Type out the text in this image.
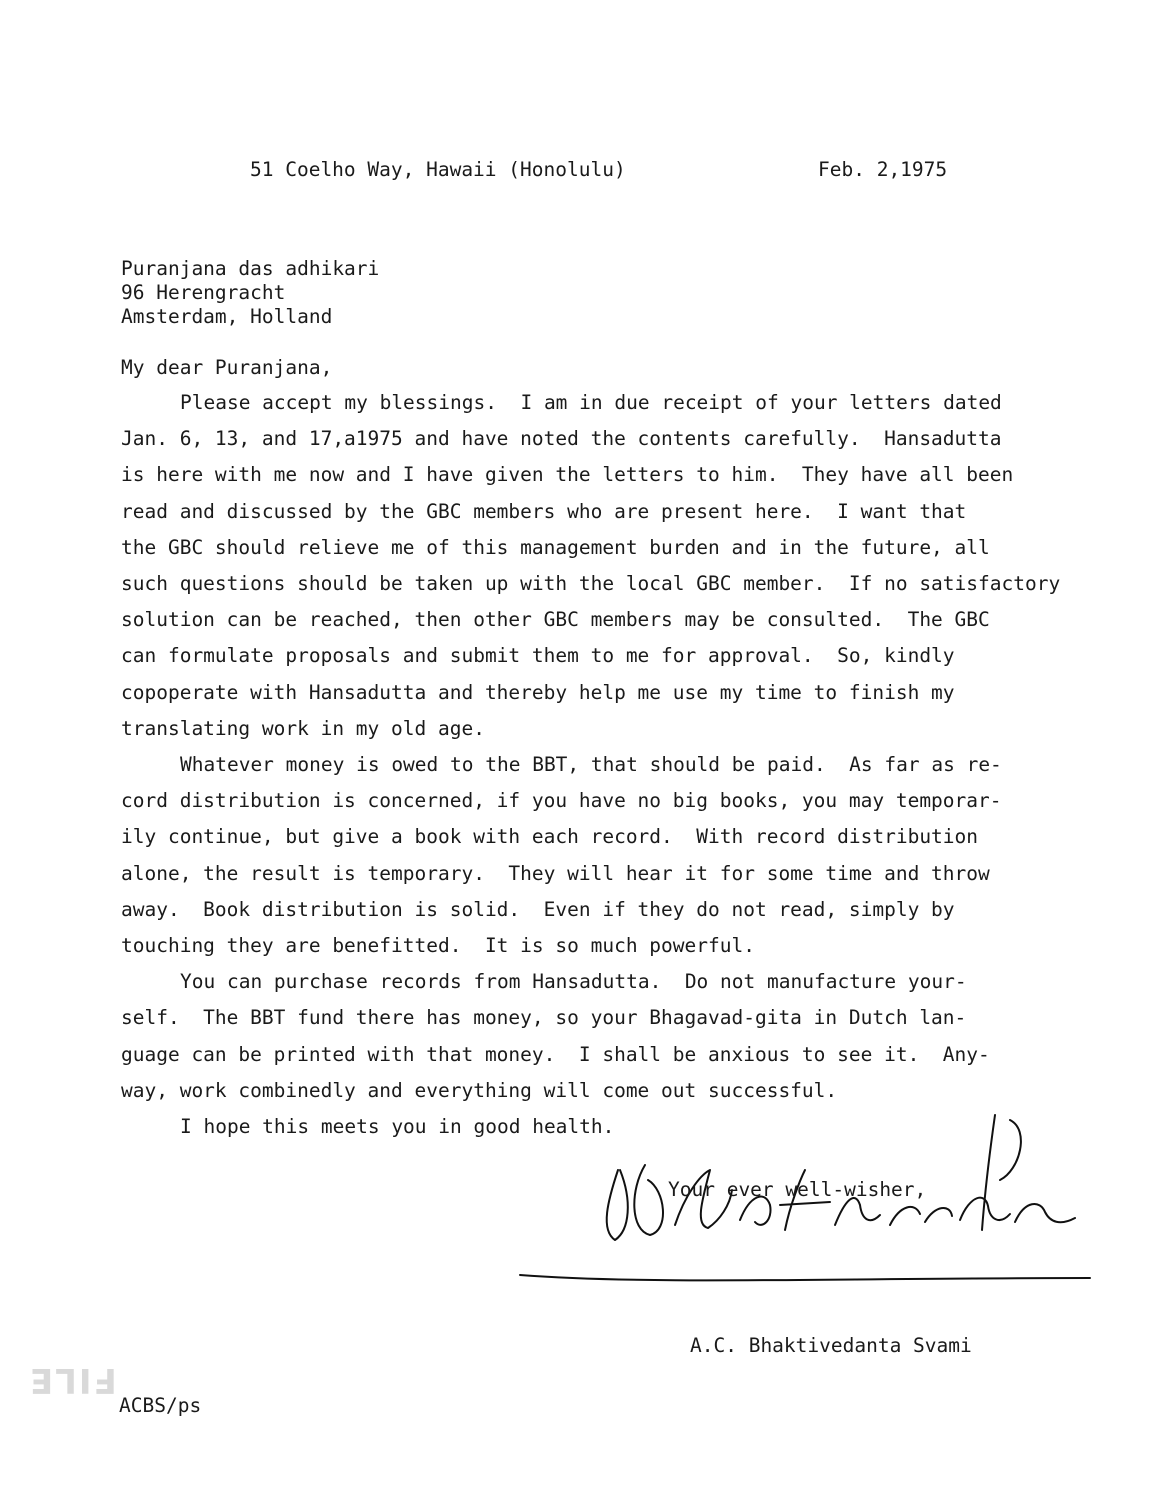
51 Coelho Way, Hawaii (Honolulu)	Feb. 2,1975
Puranjana das adhikari
96 Herengracht
Amsterdam, Holland
My dear Puranjana,
Please accept my blessings.  I am in due receipt of your letters dated
Jan. 6, 13, and 17,a1975 and have noted the contents carefully.  Hansadutta
is here with me now and I have given the letters to him.  They have all been
read and discussed by the GBC members who are present here.  I want that
the GBC should relieve me of this management burden and in the future, all
such questions should be taken up with the local GBC member.  If no satisfactory
solution can be reached, then other GBC members may be consulted.  The GBC
can formulate proposals and submit them to me for approval.  So, kindly
copoperate with Hansadutta and thereby help me use my time to finish my
translating work in my old age.
Whatever money is owed to the BBT, that should be paid.  As far as re-
cord distribution is concerned, if you have no big books, you may temporar-
ily continue, but give a book with each record.  With record distribution
alone, the result is temporary.  They will hear it for some time and throw
away.  Book distribution is solid.  Even if they do not read, simply by
touching they are benefitted.  It is so much powerful.
You can purchase records from Hansadutta.  Do not manufacture your-
self.  The BBT fund there has money, so your Bhagavad-gita in Dutch lan-
guage can be printed with that money.  I shall be anxious to see it.  Any-
way, work combinedly and everything will come out successful.
I hope this meets you in good health.
Your ever well-wisher,
A.C. Bhaktivedanta Svami
ACBS/ps
FILE
